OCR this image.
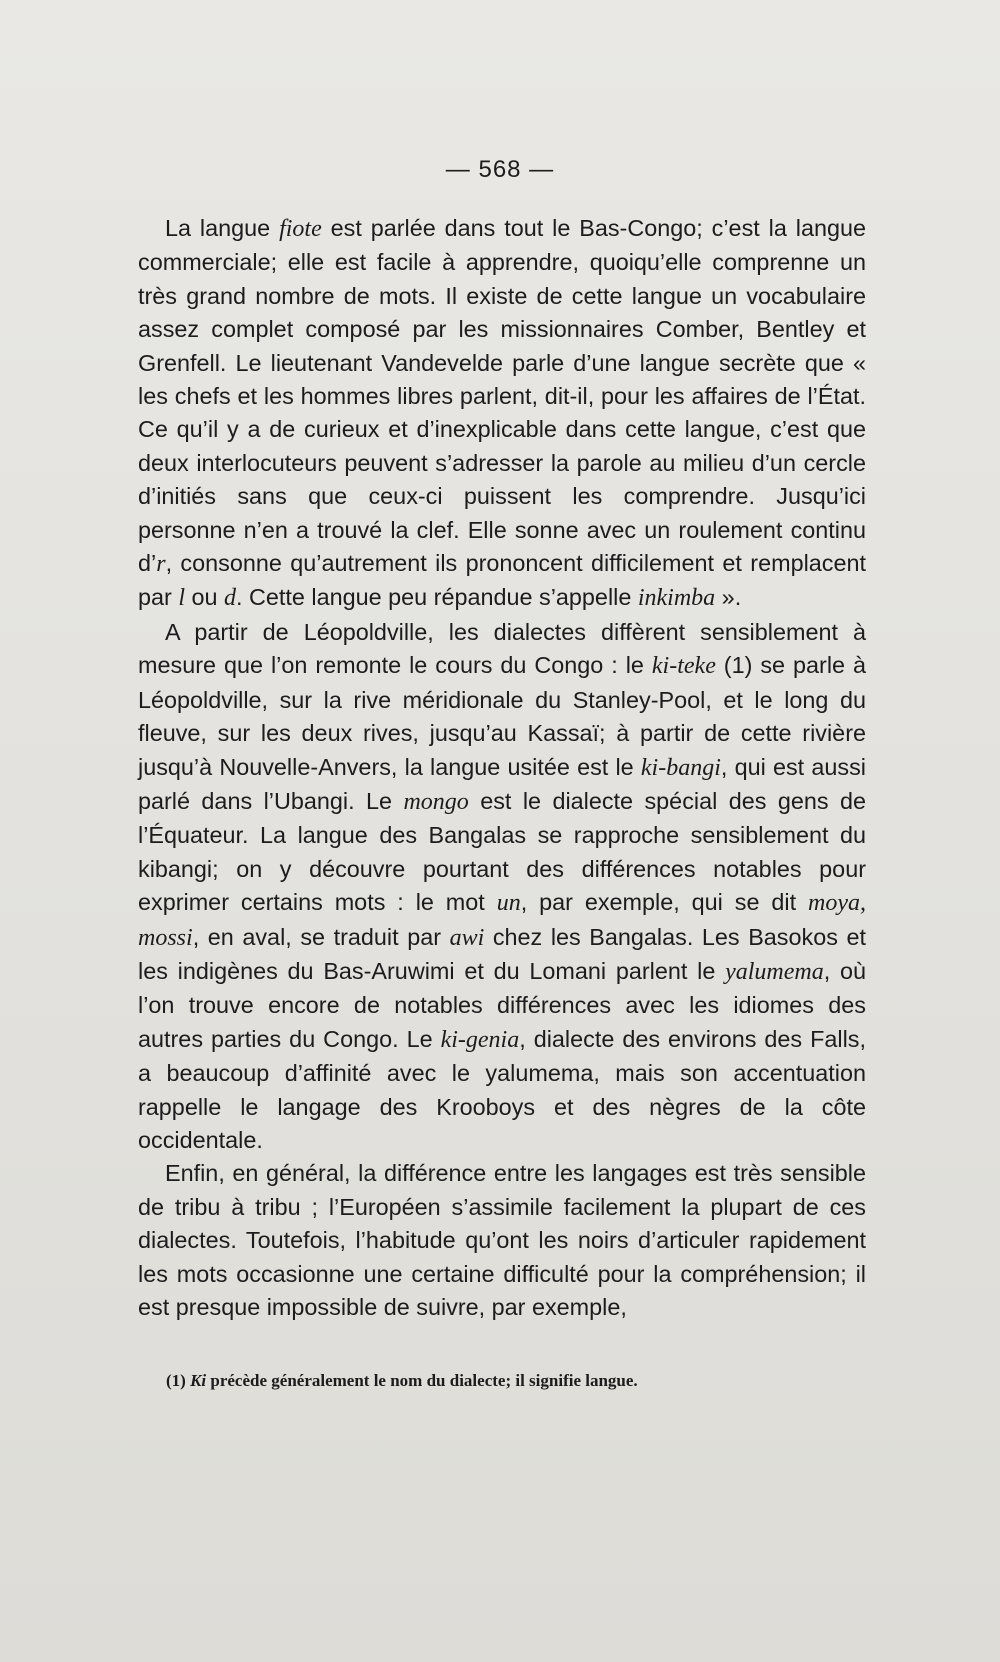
— 568 —

La langue fiote est parlée dans tout le Bas-Congo; c’est la langue commerciale; elle est facile à apprendre, quoiqu’elle comprenne un très grand nombre de mots. Il existe de cette langue un vocabulaire assez complet composé par les missionnaires Comber, Bentley et Grenfell. Le lieutenant Vandevelde parle d’une langue secrète que « les chefs et les hommes libres parlent, dit-il, pour les affaires de l’État. Ce qu’il y a de curieux et d’inexplicable dans cette langue, c’est que deux interlocuteurs peuvent s’adresser la parole au milieu d’un cercle d’initiés sans que ceux-ci puissent les comprendre. Jusqu’ici personne n’en a trouvé la clef. Elle sonne avec un roulement continu d’r, consonne qu’autrement ils prononcent difficilement et remplacent par l ou d. Cette langue peu répandue s’appelle inkimba ».

A partir de Léopoldville, les dialectes diffèrent sensiblement à mesure que l’on remonte le cours du Congo : le ki-teke (1) se parle à Léopoldville, sur la rive méridionale du Stanley-Pool, et le long du fleuve, sur les deux rives, jusqu’au Kassaï; à partir de cette rivière jusqu’à Nouvelle-Anvers, la langue usitée est le ki-bangi, qui est aussi parlé dans l’Ubangi. Le mongo est le dialecte spécial des gens de l’Équateur. La langue des Bangalas se rapproche sensiblement du kibangi; on y découvre pourtant des différences notables pour exprimer certains mots : le mot un, par exemple, qui se dit moya, mossi, en aval, se traduit par awi chez les Bangalas. Les Basokos et les indigènes du Bas-Aruwimi et du Lomani parlent le yalumema, où l’on trouve encore de notables différences avec les idiomes des autres parties du Congo. Le ki-genia, dialecte des environs des Falls, a beaucoup d’affinité avec le yalumema, mais son accentuation rappelle le langage des Krooboys et des nègres de la côte occidentale.

Enfin, en général, la différence entre les langages est très sensible de tribu à tribu ; l’Européen s’assimile facilement la plupart de ces dialectes. Toutefois, l’habitude qu’ont les noirs d’articuler rapidement les mots occasionne une certaine difficulté pour la compréhension; il est presque impossible de suivre, par exemple,

(1) Ki précède généralement le nom du dialecte; il signifie langue.
